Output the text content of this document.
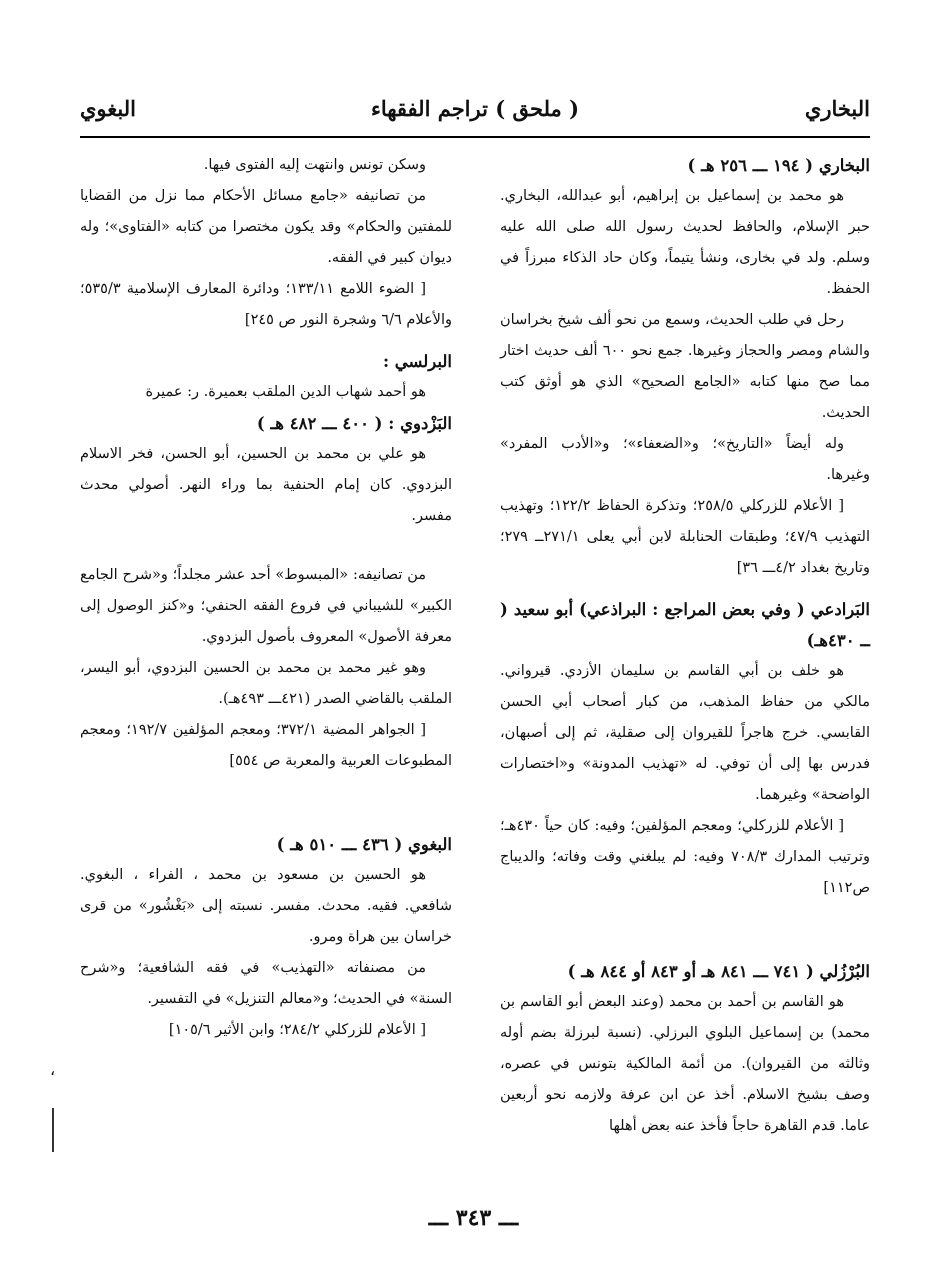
البخاري
( ملحق ) تراجم الفقهاء
البغوي

البخاري ( ١٩٤ ـــ ٢٥٦ هـ )

هو محمد بن إسماعيل بن إبراهيم، أبو عبدالله، البخاري. حبر الإسلام، والحافظ لحديث رسول الله صلى الله عليه وسلم. ولد في بخارى، ونشأ يتيماً، وكان حاد الذكاء مبرزاً في الحفظ.

رحل في طلب الحديث، وسمع من نحو ألف شيخ بخراسان والشام ومصر والحجاز وغيرها. جمع نحو ٦٠٠ ألف حديث اختار مما صح منها كتابه «الجامع الصحيح» الذي هو أوثق كتب الحديث.

وله أيضاً «التاريخ»؛ و«الضعفاء»؛ و«الأدب المفرد» وغيرها.

[ الأعلام للزركلي ٢٥٨/٥؛ وتذكرة الحفاظ ١٢٢/٢؛ وتهذيب التهذيب ٤٧/٩؛ وطبقات الحنابلة لابن أبي يعلى ٢٧١/١ــ ٢٧٩؛ وتاريخ بغداد ٤/٢ـــ ٣٦]

البَرادعي ( وفي بعض المراجع : البراذعي) أبو سعيد ( ــ ٤٣٠هـ)

هو خلف بن أبي القاسم بن سليمان الأزدي. قيرواني. مالكي من حفاظ المذهب، من كبار أصحاب أبي الحسن القابسي. خرج هاجراً للقيروان إلى صقلية، ثم إلى أصبهان، فدرس بها إلى أن توفي. له «تهذيب المدونة» و«اختصارات الواضحة» وغيرهما.

[ الأعلام للزركلي؛ ومعجم المؤلفين؛ وفيه: كان حياً ٤٣٠هـ؛ وترتيب المدارك ٧٠٨/٣ وفيه: لم يبلغني وقت وفاته؛ والديباج ص١١٢]

البُرْزُلي ( ٧٤١ ـــ ٨٤١ هـ أو ٨٤٣ أو ٨٤٤ هـ )

هو القاسم بن أحمد بن محمد (وعند البعض أبو القاسم بن محمد) بن إسماعيل البلوي البرزلي. (نسبة لبرزلة بضم أوله وثالثه من القيروان). من أئمة المالكية بتونس في عصره، وصف بشيخ الاسلام. أخذ عن ابن عرفة ولازمه نحو أربعين عاما. قدم القاهرة حاجاً فأخذ عنه بعض أهلها

وسكن تونس وانتهت إليه الفتوى فيها.

من تصانيفه «جامع مسائل الأحكام مما نزل من القضايا للمفتين والحكام» وقد يكون مختصرا من كتابه «الفتاوى»؛ وله ديوان كبير في الفقه.

[ الضوء اللامع ١٣٣/١١؛ ودائرة المعارف الإسلامية ٥٣٥/٣؛ والأعلام ٦/٦ وشجرة النور ص ٢٤٥]

البرلسي :

هو أحمد شهاب الدين الملقب بعميرة. ر: عميرة

البَزْدوي : ( ٤٠٠ ـــ ٤٨٢ هـ )

هو علي بن محمد بن الحسين، أبو الحسن، فخر الاسلام البزدوي. كان إمام الحنفية بما وراء النهر. أصولي محدث مفسر.

من تصانيفه: «المبسوط» أحد عشر مجلداً؛ و«شرح الجامع الكبير» للشيباني في فروع الفقه الحنفي؛ و«كنز الوصول إلى معرفة الأصول» المعروف بأصول البزدوي.

وهو غير محمد بن محمد بن الحسين البزدوي، أبو اليسر، الملقب بالقاضي الصدر (٤٢١ـــ ٤٩٣هـ).

[ الجواهر المضية ٣٧٢/١؛ ومعجم المؤلفين ١٩٢/٧؛ ومعجم المطبوعات العربية والمعربة ص ٥٥٤]

البغوي ( ٤٣٦ ـــ ٥١٠ هـ )

هو الحسين بن مسعود بن محمد ، الفراء ، البغوي. شافعي. فقيه. محدث. مفسر. نسبته إلى «بَغْشُور» من قرى خراسان بين هراة ومرو.

من مصنفاته «التهذيب» في فقه الشافعية؛ و«شرح السنة» في الحديث؛ و«معالم التنزيل» في التفسير.

[ الأعلام للزركلي ٢٨٤/٢؛ وابن الأثير ١٠٥/٦]

،
ـــ ٣٤٣ ـــ
